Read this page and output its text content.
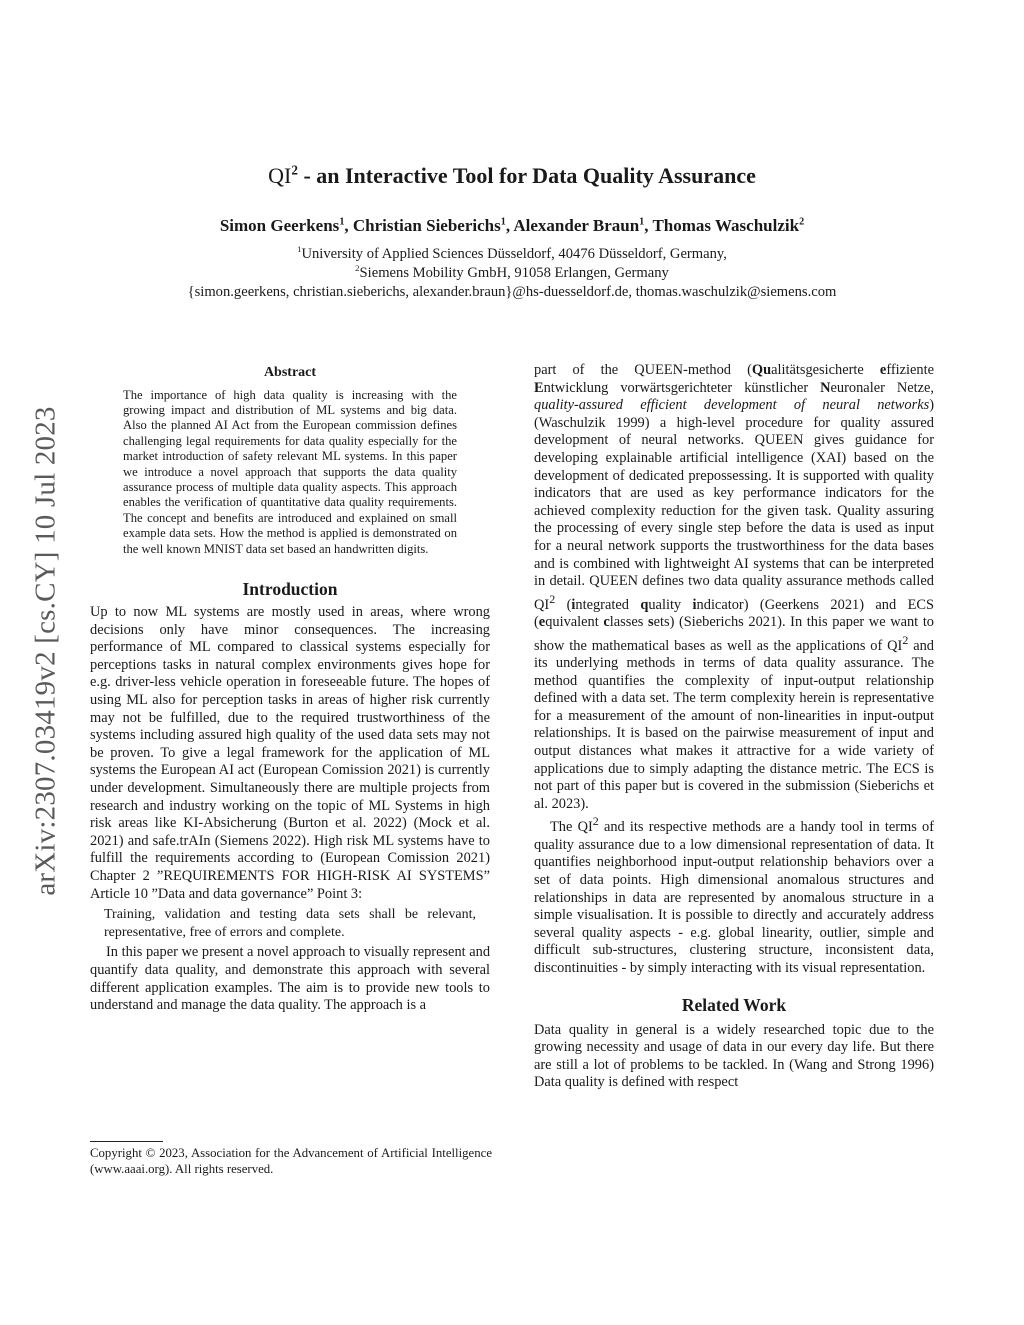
arXiv:2307.03419v2 [cs.CY] 10 Jul 2023
$QI^2$ - an Interactive Tool for Data Quality Assurance
Simon Geerkens$^1$, Christian Sieberichs$^1$, Alexander Braun$^1$, Thomas Waschulzik$^2$
$^1$University of Applied Sciences Düsseldorf, 40476 Düsseldorf, Germany,
$^2$Siemens Mobility GmbH, 91058 Erlangen, Germany
{simon.geerkens, christian.sieberichs, alexander.braun}@hs-duesseldorf.de, thomas.waschulzik@siemens.com
Abstract

The importance of high data quality is increasing with the growing impact and distribution of ML systems and big data. Also the planned AI Act from the European commission defines challenging legal requirements for data quality especially for the market introduction of safety relevant ML systems. In this paper we introduce a novel approach that supports the data quality assurance process of multiple data quality aspects. This approach enables the verification of quantitative data quality requirements. The concept and benefits are introduced and explained on small example data sets. How the method is applied is demonstrated on the well known MNIST data set based an handwritten digits.

Introduction

Up to now ML systems are mostly used in areas, where wrong decisions only have minor consequences. The increasing performance of ML compared to classical systems especially for perceptions tasks in natural complex environments gives hope for e.g. driver-less vehicle operation in foreseeable future. The hopes of using ML also for perception tasks in areas of higher risk currently may not be fulfilled, due to the required trustworthiness of the systems including assured high quality of the used data sets may not be proven. To give a legal framework for the application of ML systems the European AI act (European Comission 2021) is currently under development. Simultaneously there are multiple projects from research and industry working on the topic of ML Systems in high risk areas like KI-Absicherung (Burton et al. 2022) (Mock et al. 2021) and safe.trAIn (Siemens 2022). High risk ML systems have to fulfill the requirements according to (European Comission 2021) Chapter 2 ”REQUIREMENTS FOR HIGH-RISK AI SYSTEMS” Article 10 ”Data and data governance” Point 3:

Training, validation and testing data sets shall be relevant, representative, free of errors and complete.

In this paper we present a novel approach to visually represent and quantify data quality, and demonstrate this approach with several different application examples. The aim is to provide new tools to understand and manage the data quality. The approach is a

Copyright © 2023, Association for the Advancement of Artificial Intelligence (www.aaai.org). All rights reserved.

part of the QUEEN-method (Qualitätsgesicherte effiziente Entwicklung vorwärtsgerichteter künstlicher Neuronaler Netze, quality-assured efficient development of neural networks) (Waschulzik 1999) a high-level procedure for quality assured development of neural networks. QUEEN gives guidance for developing explainable artificial intelligence (XAI) based on the development of dedicated prepossessing. It is supported with quality indicators that are used as key performance indicators for the achieved complexity reduction for the given task. Quality assuring the processing of every single step before the data is used as input for a neural network supports the trustworthiness for the data bases and is combined with lightweight AI systems that can be interpreted in detail. QUEEN defines two data quality assurance methods called $QI^2$ (integrated quality indicator) (Geerkens 2021) and ECS (equivalent classes sets) (Sieberichs 2021). In this paper we want to show the mathematical bases as well as the applications of $QI^2$ and its underlying methods in terms of data quality assurance. The method quantifies the complexity of input-output relationship defined with a data set. The term complexity herein is representative for a measurement of the amount of non-linearities in input-output relationships. It is based on the pairwise measurement of input and output distances what makes it attractive for a wide variety of applications due to simply adapting the distance metric. The ECS is not part of this paper but is covered in the submission (Sieberichs et al. 2023).

The $QI^2$ and its respective methods are a handy tool in terms of quality assurance due to a low dimensional representation of data. It quantifies neighborhood input-output relationship behaviors over a set of data points. High dimensional anomalous structures and relationships in data are represented by anomalous structure in a simple visualisation. It is possible to directly and accurately address several quality aspects - e.g. global linearity, outlier, simple and difficult sub-structures, clustering structure, inconsistent data, discontinuities - by simply interacting with its visual representation.

Related Work

Data quality in general is a widely researched topic due to the growing necessity and usage of data in our every day life. But there are still a lot of problems to be tackled. In (Wang and Strong 1996) Data quality is defined with respect
